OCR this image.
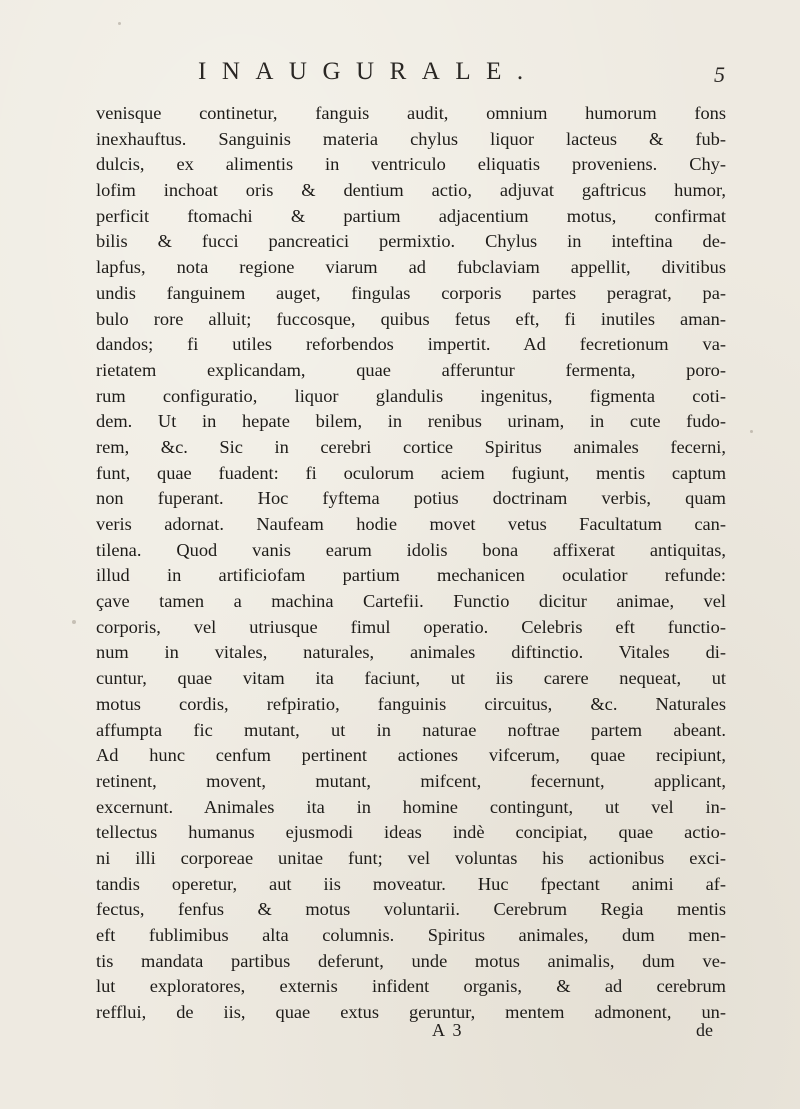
INAUGURALE.	5
venisque continetur, fanguis audit, omnium humorum fons
inexhauftus. Sanguinis materia chylus liquor lacteus & fub-
dulcis, ex alimentis in ventriculo eliquatis proveniens. Chy-
lofim inchoat oris & dentium actio, adjuvat gaftricus humor,
perficit ftomachi & partium adjacentium motus, confirmat
bilis & fucci pancreatici permixtio. Chylus in inteftina de-
lapfus, nota regione viarum ad fubclaviam appellit, divitibus
undis fanguinem auget, fingulas corporis partes peragrat, pa-
bulo rore alluit; fuccosque, quibus fetus eft, fi inutiles aman-
dandos; fi utiles reforbendos impertit. Ad fecretionum va-
rietatem explicandam, quae afferuntur fermenta, poro-
rum configuratio, liquor glandulis ingenitus, figmenta coti-
dem. Ut in hepate bilem, in renibus urinam, in cute fudo-
rem, &c. Sic in cerebri cortice Spiritus animales fecerni,
funt, quae fuadent: fi oculorum aciem fugiunt, mentis captum
non fuperant. Hoc fyftema potius doctrinam verbis, quam
veris adornat. Naufeam hodie movet vetus Facultatum can-
tilena. Quod vanis earum idolis bona affixerat antiquitas,
illud in artificiofam partium mechanicen oculatior refunde:
çave tamen a machina Cartefii. Functio dicitur animae, vel
corporis, vel utriusque fimul operatio. Celebris eft functio-
num in vitales, naturales, animales diftinctio. Vitales di-
cuntur, quae vitam ita faciunt, ut iis carere nequeat, ut
motus cordis, refpiratio, fanguinis circuitus, &c. Naturales
affumpta fic mutant, ut in naturae noftrae partem abeant.
Ad hunc cenfum pertinent actiones vifcerum, quae recipiunt,
retinent, movent, mutant, mifcent, fecernunt, applicant,
excernunt. Animales ita in homine contingunt, ut vel in-
tellectus humanus ejusmodi ideas indè concipiat, quae actio-
ni illi corporeae unitae funt; vel voluntas his actionibus exci-
tandis operetur, aut iis moveatur. Huc fpectant animi af-
fectus, fenfus & motus voluntarii. Cerebrum Regia mentis
eft fublimibus alta columnis. Spiritus animales, dum men-
tis mandata partibus deferunt, unde motus animalis, dum ve-
lut exploratores, externis infident organis, & ad cerebrum
refflui, de iis, quae extus geruntur, mentem admonent, un-
A 3	de
